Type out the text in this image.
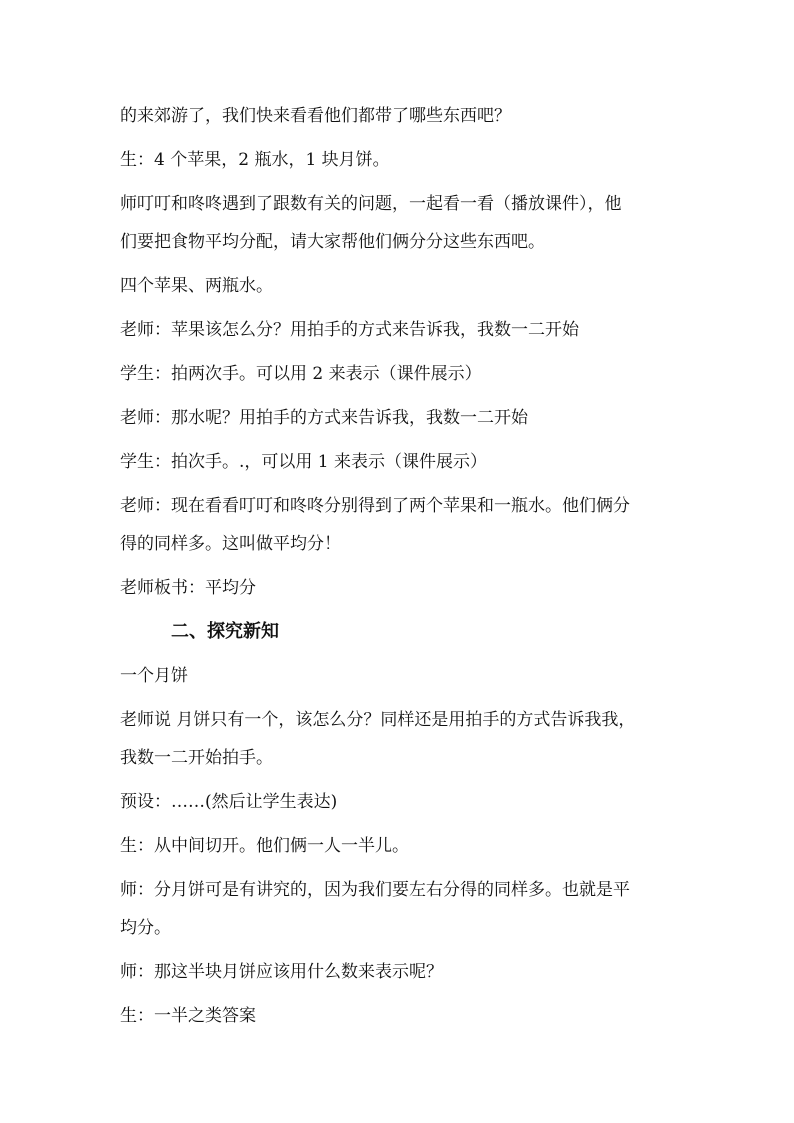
的来郊游了，我们快来看看他们都带了哪些东西吧？

生：4 个苹果，2 瓶水，1 块月饼。

师叮叮和咚咚遇到了跟数有关的问题，一起看一看（播放课件），他

们要把食物平均分配，请大家帮他们俩分分这些东西吧。

四个苹果、两瓶水。

老师：苹果该怎么分？用拍手的方式来告诉我，我数一二开始

学生：拍两次手。可以用 2 来表示（课件展示）

老师：那水呢？用拍手的方式来告诉我，我数一二开始

学生：拍次手。.，可以用 1 来表示（课件展示）

老师：现在看看叮叮和咚咚分别得到了两个苹果和一瓶水。他们俩分

得的同样多。这叫做平均分！

老师板书：平均分

二、探究新知

一个月饼

老师说 月饼只有一个，该怎么分？同样还是用拍手的方式告诉我我，

我数一二开始拍手。

预设：……(然后让学生表达)

生：从中间切开。他们俩一人一半儿。

师：分月饼可是有讲究的，因为我们要左右分得的同样多。也就是平

均分。

师：那这半块月饼应该用什么数来表示呢？

生：一半之类答案
